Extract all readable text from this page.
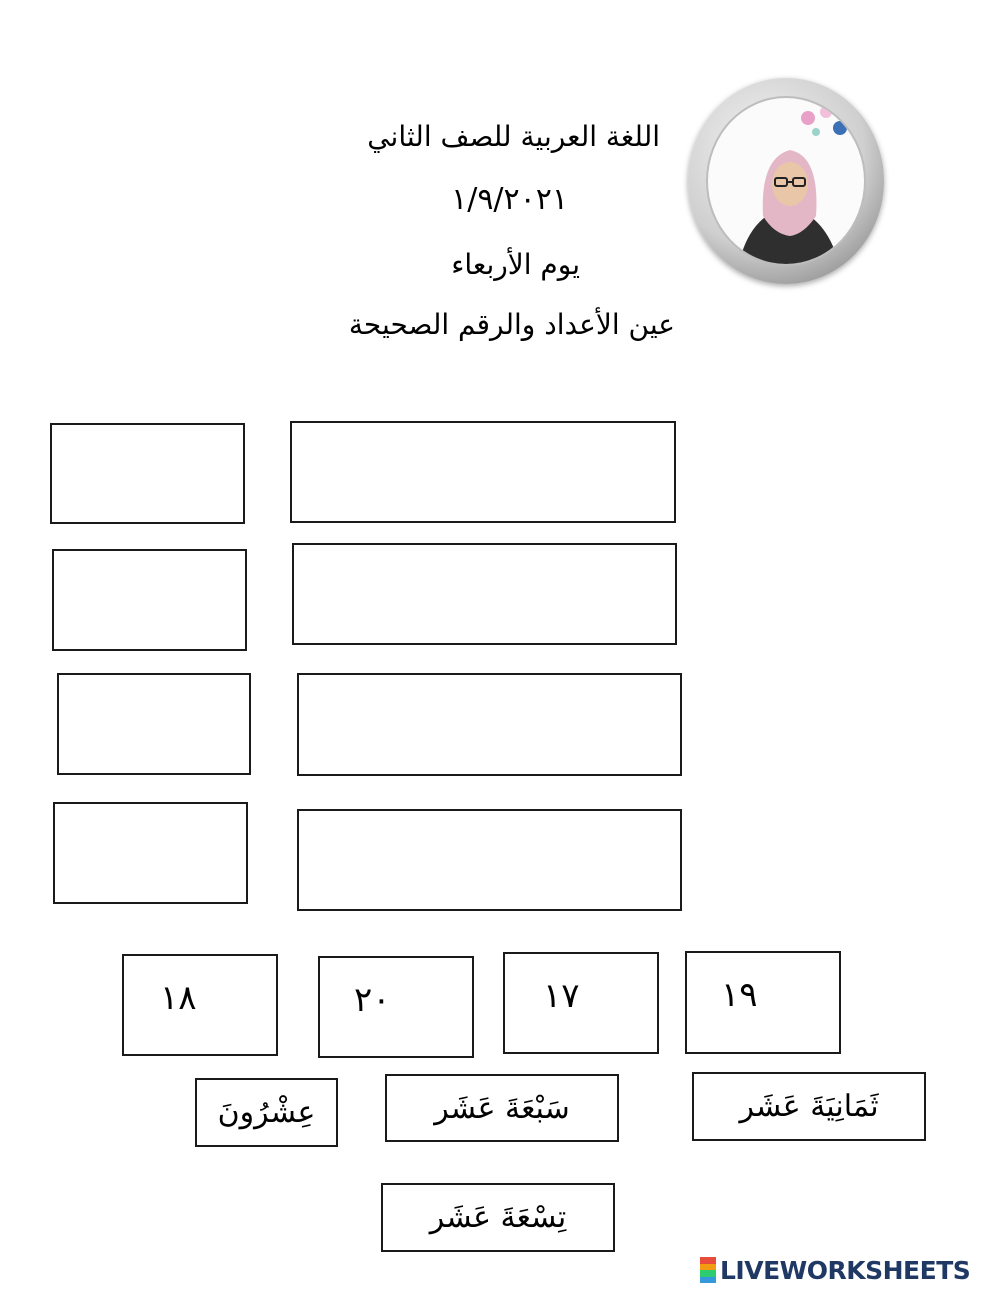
اللغة العربية للصف الثاني
١/٩/٢٠٢١
يوم الأربعاء
عين الأعداد والرقم الصحيحة
١٨	٢٠	١٧	١٩
عِشْرُونَ	سَبْعَةَ عَشَر	ثَمَانِيَةَ عَشَر
تِسْعَةَ عَشَر
LIVEWORKSHEETS
